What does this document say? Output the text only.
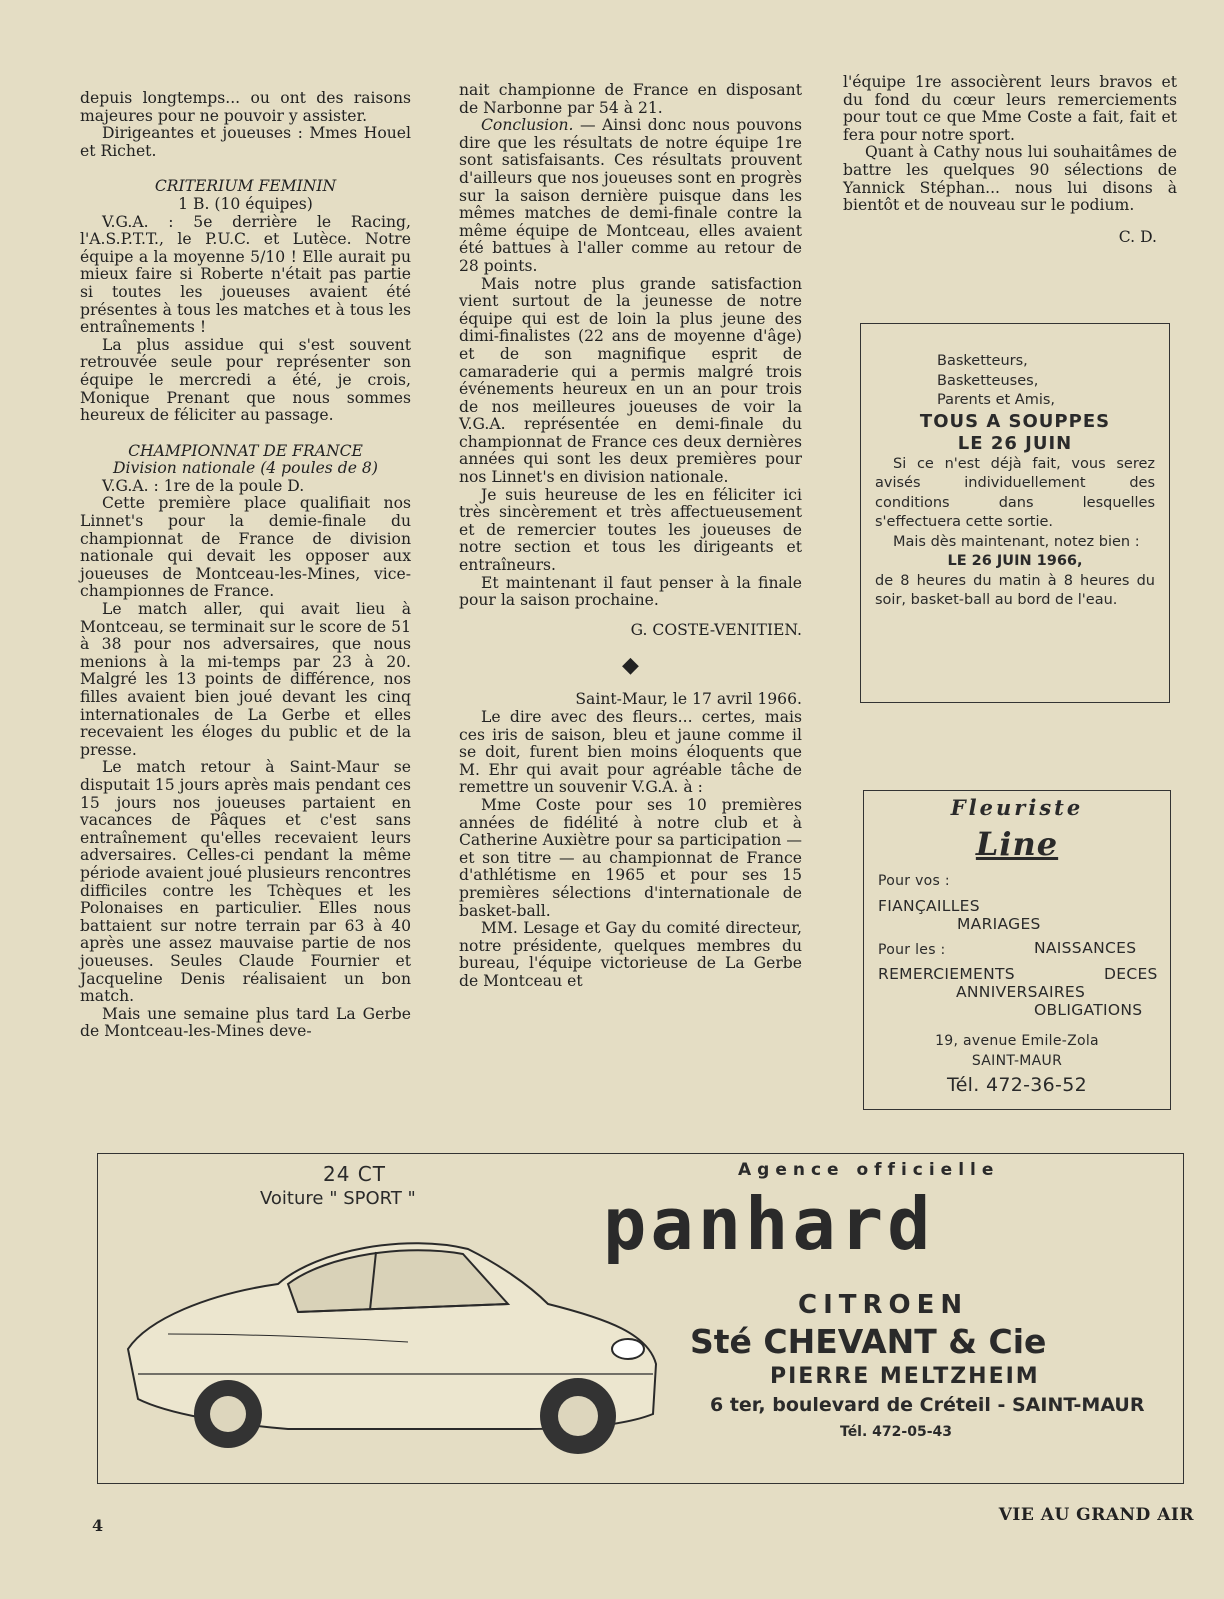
depuis longtemps... ou ont des raisons majeures pour ne pouvoir y assister.

Dirigeantes et joueuses : Mmes Houel et Richet.

CRITERIUM FEMININ

1 B. (10 équipes)

V.G.A. : 5e derrière le Racing, l'A.S.P.T.T., le P.U.C. et Lutèce. Notre équipe a la moyenne 5/10 ! Elle aurait pu mieux faire si Roberte n'était pas partie si toutes les joueuses avaient été présentes à tous les matches et à tous les entraînements !

La plus assidue qui s'est souvent retrouvée seule pour représenter son équipe le mercredi a été, je crois, Monique Prenant que nous sommes heureux de féliciter au passage.

CHAMPIONNAT DE FRANCE

Division nationale (4 poules de 8)

V.G.A. : 1re de la poule D.

Cette première place qualifiait nos Linnet's pour la demie-finale du championnat de France de division nationale qui devait les opposer aux joueuses de Montceau-les-Mines, vice-championnes de France.

Le match aller, qui avait lieu à Montceau, se terminait sur le score de 51 à 38 pour nos adversaires, que nous menions à la mi-temps par 23 à 20. Malgré les 13 points de différence, nos filles avaient bien joué devant les cinq internationales de La Gerbe et elles recevaient les éloges du public et de la presse.

Le match retour à Saint-Maur se disputait 15 jours après mais pendant ces 15 jours nos joueuses partaient en vacances de Pâques et c'est sans entraînement qu'elles recevaient leurs adversaires. Celles-ci pendant la même période avaient joué plusieurs rencontres difficiles contre les Tchèques et les Polonaises en particulier. Elles nous battaient sur notre terrain par 63 à 40 après une assez mauvaise partie de nos joueuses. Seules Claude Fournier et Jacqueline Denis réalisaient un bon match.

Mais une semaine plus tard La Gerbe de Montceau-les-Mines deve-

nait championne de France en disposant de Narbonne par 54 à 21.

Conclusion. — Ainsi donc nous pouvons dire que les résultats de notre équipe 1re sont satisfaisants. Ces résultats prouvent d'ailleurs que nos joueuses sont en progrès sur la saison dernière puisque dans les mêmes matches de demi-finale contre la même équipe de Montceau, elles avaient été battues à l'aller comme au retour de 28 points.

Mais notre plus grande satisfaction vient surtout de la jeunesse de notre équipe qui est de loin la plus jeune des dimi-finalistes (22 ans de moyenne d'âge) et de son magnifique esprit de camaraderie qui a permis malgré trois événements heureux en un an pour trois de nos meilleures joueuses de voir la V.G.A. représentée en demi-finale du championnat de France ces deux dernières années qui sont les deux premières pour nos Linnet's en division nationale.

Je suis heureuse de les en féliciter ici très sincèrement et très affectueusement et de remercier toutes les joueuses de notre section et tous les dirigeants et entraîneurs.

Et maintenant il faut penser à la finale pour la saison prochaine.

G. COSTE-VENITIEN.

◆

Saint-Maur, le 17 avril 1966.

Le dire avec des fleurs... certes, mais ces iris de saison, bleu et jaune comme il se doit, furent bien moins éloquents que M. Ehr qui avait pour agréable tâche de remettre un souvenir V.G.A. à :

Mme Coste pour ses 10 premières années de fidélité à notre club et à Catherine Auxiètre pour sa participation — et son titre — au championnat de France d'athlétisme en 1965 et pour ses 15 premières sélections d'internationale de basket-ball.

MM. Lesage et Gay du comité directeur, notre présidente, quelques membres du bureau, l'équipe victorieuse de La Gerbe de Montceau et

l'équipe 1re associèrent leurs bravos et du fond du cœur leurs remerciements pour tout ce que Mme Coste a fait, fait et fera pour notre sport.

Quant à Cathy nous lui souhaitâmes de battre les quelques 90 sélections de Yannick Stéphan... nous lui disons à bientôt et de nouveau sur le podium.

C. D.

Basketteurs,
Basketteuses,
Parents et Amis,
TOUS A SOUPPES
LE 26 JUIN
Si ce n'est déjà fait, vous serez avisés individuellement des conditions dans lesquelles s'effectuera cette sortie.
Mais dès maintenant, notez bien :
LE 26 JUIN 1966,
de 8 heures du matin à 8 heures du soir, basket-ball au bord de l'eau.
Fleuriste
Line
Pour vos :
FIANÇAILLES
MARIAGES
Pour les :	NAISSANCES
REMERCIEMENTS	DECES
ANNIVERSAIRES
OBLIGATIONS
19, avenue Emile-Zola
SAINT-MAUR
Tél. 472-36-52
24 CT
Voiture " SPORT "
Agence officielle
panhard
CITROEN
Sté CHEVANT & Cie
PIERRE MELTZHEIM
6 ter, boulevard de Créteil - SAINT-MAUR
Tél. 472-05-43
4
VIE AU GRAND AIR
